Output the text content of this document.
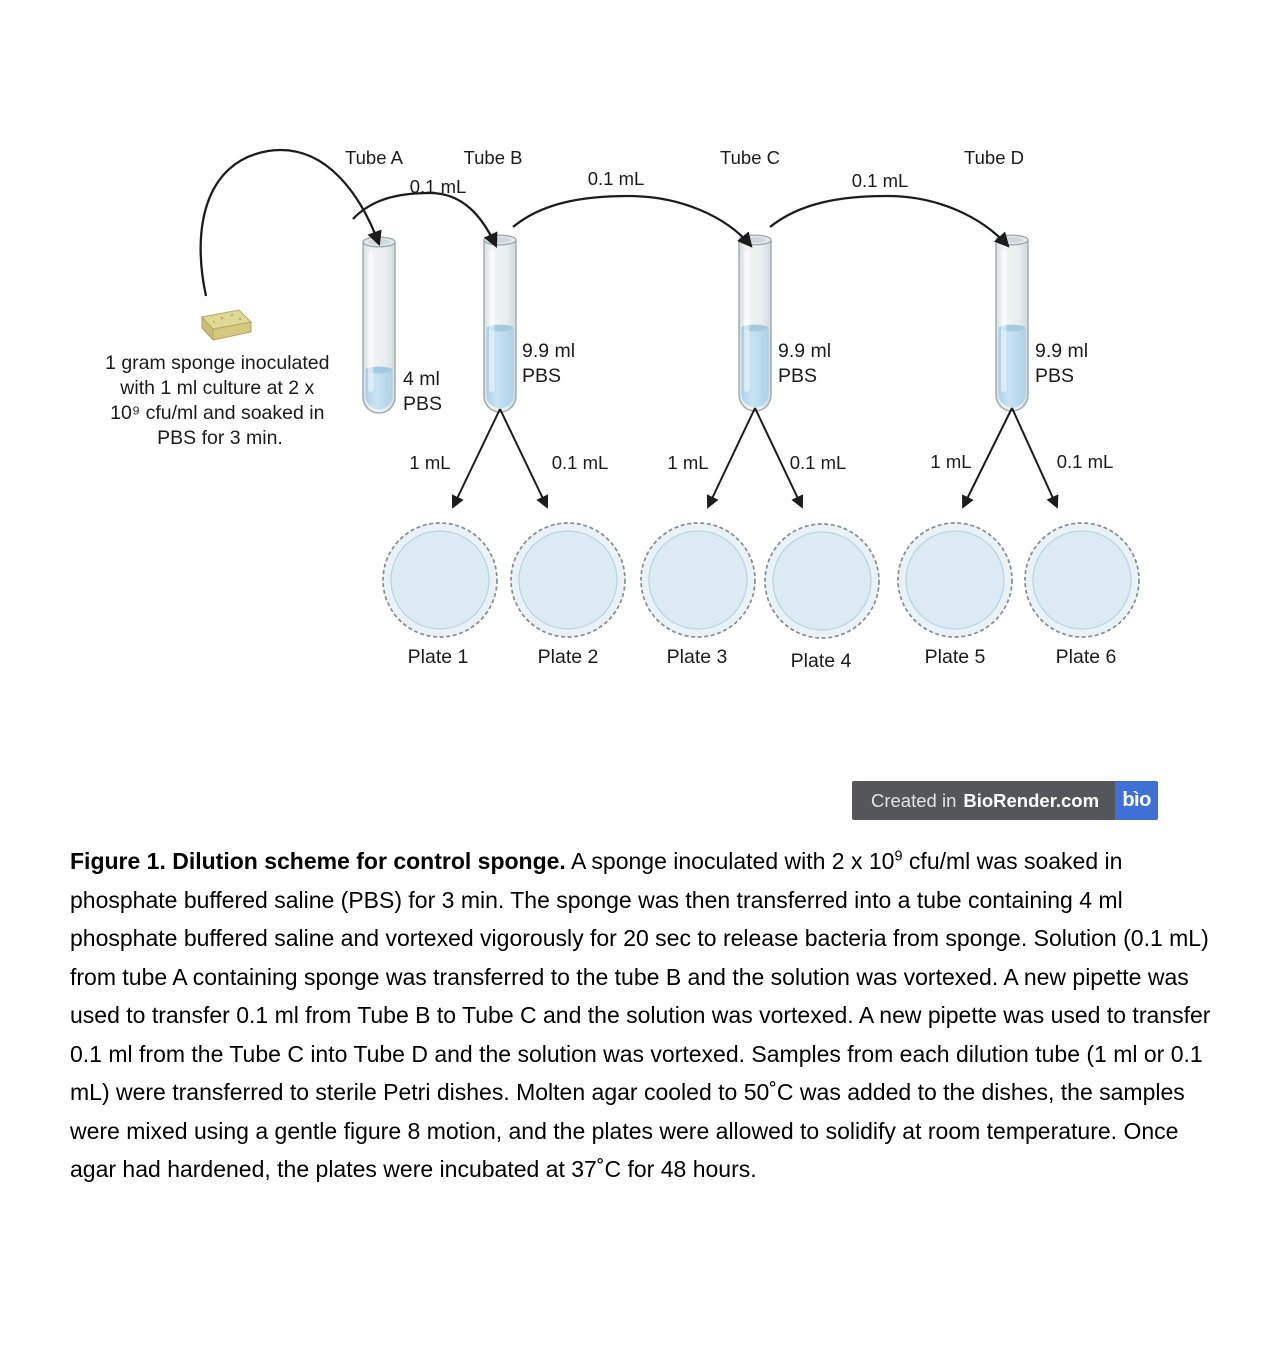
1 gram sponge inoculated with 1 ml culture at 2 x 10⁹ cfu/ml and soaked in PBS for 3 min.
Tube A	Tube B	Tube C	Tube D
0.1 mL	0.1 mL	0.1 mL
4 ml PBS
9.9 ml PBS
9.9 ml PBS
9.9 ml PBS
1 mL	0.1 mL	1 mL	0.1 mL	1 mL	0.1 mL
Plate 1	Plate 2	Plate 3	Plate 4	Plate 5	Plate 6
Created in BioRender.com	bìo
Figure 1. Dilution scheme for control sponge. A sponge inoculated with 2 x $10^9$ cfu/ml was soaked in phosphate buffered saline (PBS) for 3 min. The sponge was then transferred into a tube containing 4 ml phosphate buffered saline and vortexed vigorously for 20 sec to release bacteria from sponge. Solution (0.1 mL) from tube A containing sponge was transferred to the tube B and the solution was vortexed. A new pipette was used to transfer 0.1 ml from Tube B to Tube C and the solution was vortexed. A new pipette was used to transfer 0.1 ml from the Tube C into Tube D and the solution was vortexed. Samples from each dilution tube (1 ml or 0.1 mL) were transferred to sterile Petri dishes. Molten agar cooled to 50˚C was added to the dishes, the samples were mixed using a gentle figure 8 motion, and the plates were allowed to solidify at room temperature. Once agar had hardened, the plates were incubated at 37˚C for 48 hours.
